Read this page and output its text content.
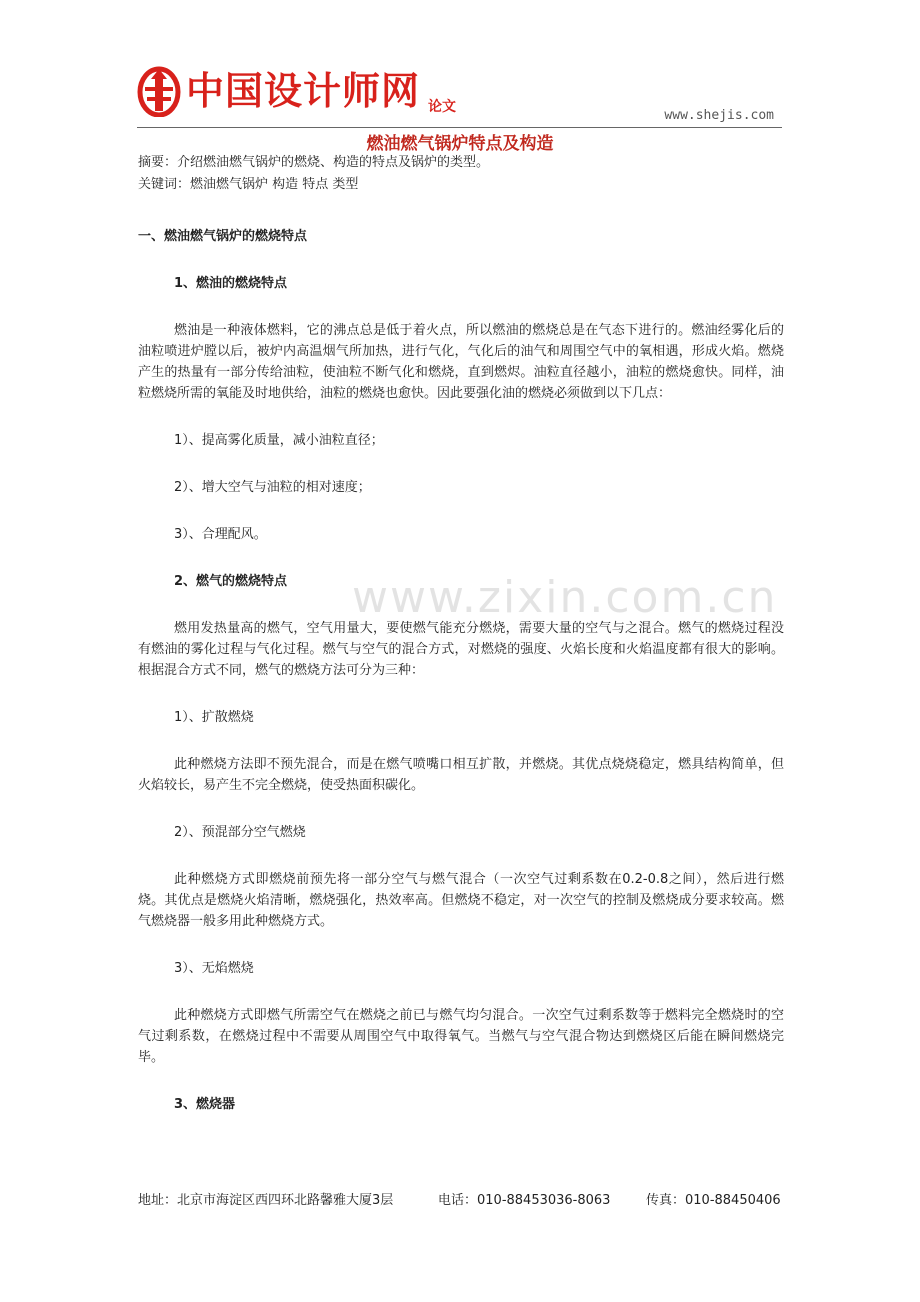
中国设计师网 论文
www.shejis.com
燃油燃气锅炉特点及构造
www.zixin.com.cn

摘要：介绍燃油燃气锅炉的燃烧、构造的特点及锅炉的类型。

关键词：燃油燃气锅炉 构造 特点 类型

一、燃油燃气锅炉的燃烧特点
1、燃油的燃烧特点

燃油是一种液体燃料，它的沸点总是低于着火点，所以燃油的燃烧总是在气态下进行的。燃油经雾化后的油粒喷进炉膛以后，被炉内高温烟气所加热，进行气化，气化后的油气和周围空气中的氧相遇，形成火焰。燃烧产生的热量有一部分传给油粒，使油粒不断气化和燃烧，直到燃烬。油粒直径越小，油粒的燃烧愈快。同样，油粒燃烧所需的氧能及时地供给，油粒的燃烧也愈快。因此要强化油的燃烧必须做到以下几点：

1）、提高雾化质量，减小油粒直径；

2）、增大空气与油粒的相对速度；

3）、合理配风。

2、燃气的燃烧特点

燃用发热量高的燃气，空气用量大，要使燃气能充分燃烧，需要大量的空气与之混合。燃气的燃烧过程没有燃油的雾化过程与气化过程。燃气与空气的混合方式，对燃烧的强度、火焰长度和火焰温度都有很大的影响。根据混合方式不同，燃气的燃烧方法可分为三种：

1）、扩散燃烧

此种燃烧方法即不预先混合，而是在燃气喷嘴口相互扩散，并燃烧。其优点烧烧稳定，燃具结构简单，但火焰较长，易产生不完全燃烧，使受热面积碳化。

2）、预混部分空气燃烧

此种燃烧方式即燃烧前预先将一部分空气与燃气混合（一次空气过剩系数在0.2-0.8之间），然后进行燃烧。其优点是燃烧火焰清晰，燃烧强化，热效率高。但燃烧不稳定，对一次空气的控制及燃烧成分要求较高。燃气燃烧器一般多用此种燃烧方式。

3）、无焰燃烧

此种燃烧方式即燃气所需空气在燃烧之前已与燃气均匀混合。一次空气过剩系数等于燃料完全燃烧时的空气过剩系数，在燃烧过程中不需要从周围空气中取得氧气。当燃气与空气混合物达到燃烧区后能在瞬间燃烧完毕。

3、燃烧器
地址：北京市海淀区西四环北路馨雅大厦3层	电话：010-88453036-8063	传真：010-88450406
